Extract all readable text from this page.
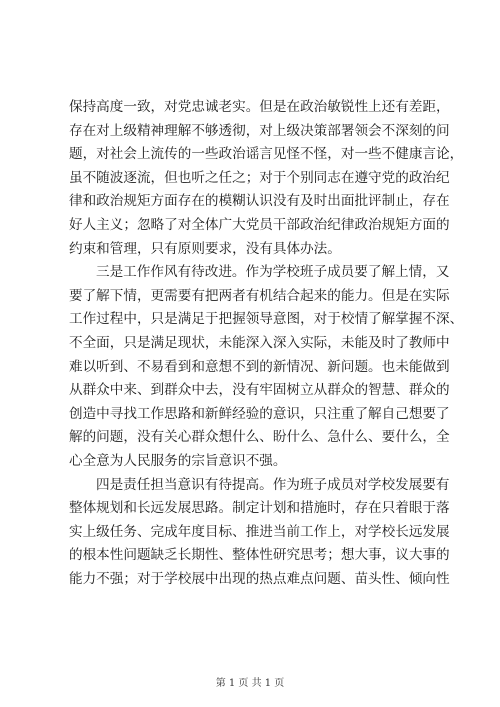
保持高度一致，对党忠诚老实。但是在政治敏锐性上还有差距，
存在对上级精神理解不够透彻，对上级决策部署领会不深刻的问
题，对社会上流传的一些政治谣言见怪不怪，对一些不健康言论，
虽不随波逐流，但也听之任之；对于个别同志在遵守党的政治纪
律和政治规矩方面存在的模糊认识没有及时出面批评制止，存在
好人主义；忽略了对全体广大党员干部政治纪律政治规矩方面的
约束和管理，只有原则要求，没有具体办法。
三是工作作风有待改进。作为学校班子成员要了解上情，又
要了解下情，更需要有把两者有机结合起来的能力。但是在实际
工作过程中，只是满足于把握领导意图，对于校情了解掌握不深、
不全面，只是满足现状，未能深入深入实际，未能及时了教师中
难以听到、不易看到和意想不到的新情况、新问题。也未能做到
从群众中来、到群众中去，没有牢固树立从群众的智慧、群众的
创造中寻找工作思路和新鲜经验的意识，只注重了解自己想要了
解的问题，没有关心群众想什么、盼什么、急什么、要什么，全
心全意为人民服务的宗旨意识不强。
四是责任担当意识有待提高。作为班子成员对学校发展要有
整体规划和长远发展思路。制定计划和措施时，存在只着眼于落
实上级任务、完成年度目标、推进当前工作上，对学校长远发展
的根本性问题缺乏长期性、整体性研究思考；想大事，议大事的
能力不强；对于学校展中出现的热点难点问题、苗头性、倾向性
第 1 页 共 1 页
